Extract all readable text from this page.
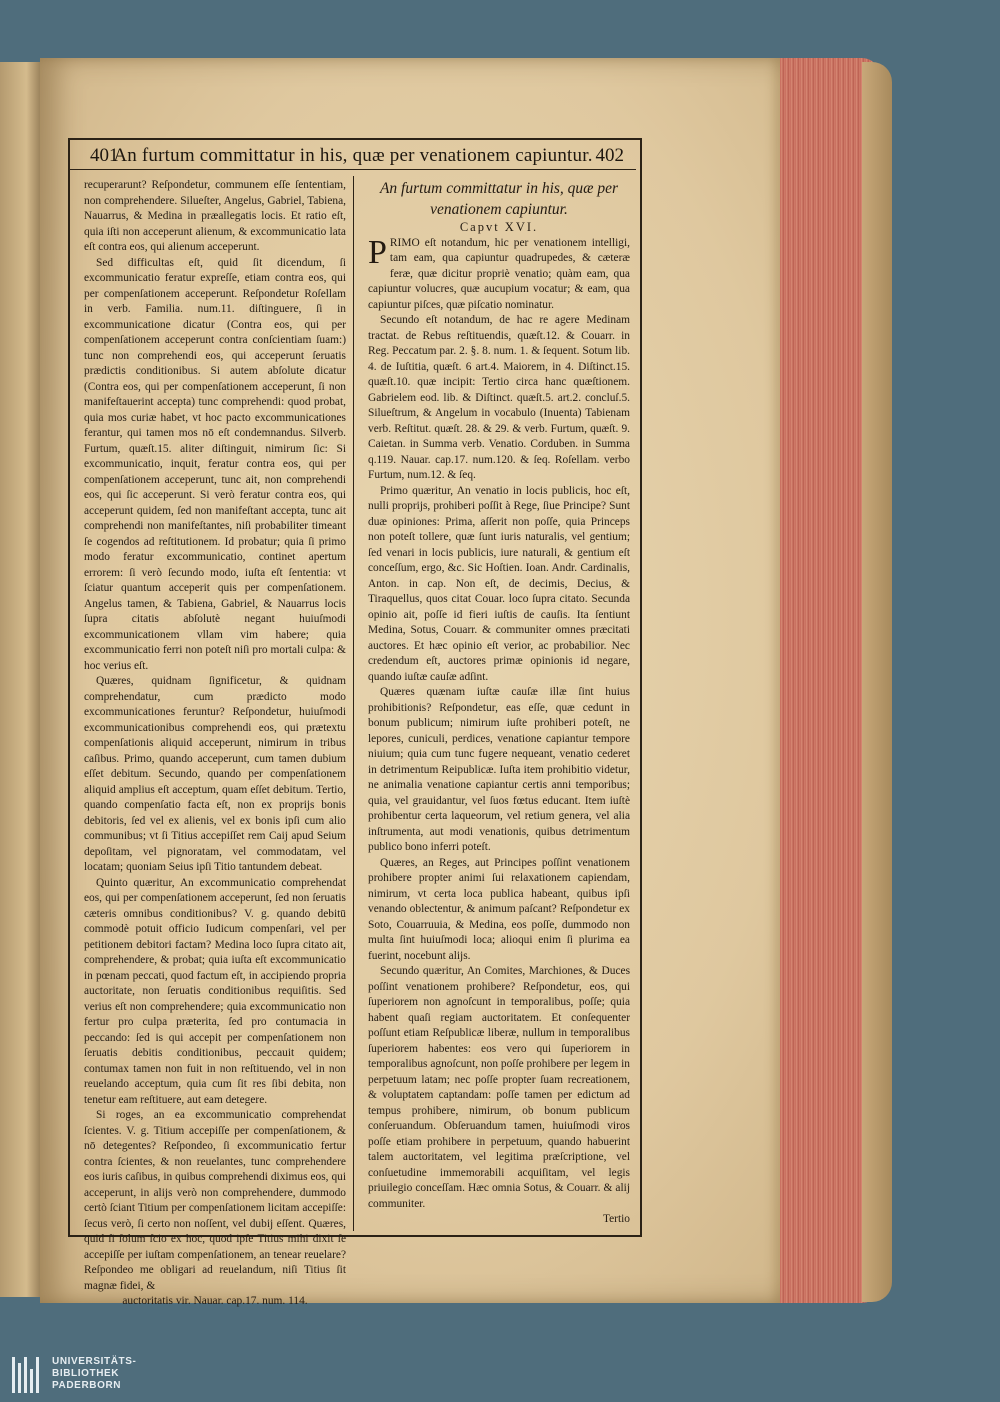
401
An furtum committatur in his, quæ per venationem capiuntur. 402

recuperarunt? Reſpondetur, communem eſſe ſententiam, non comprehendere. Silueſter, Angelus, Gabriel, Tabiena, Nauarrus, & Medina in præallegatis locis. Et ratio eſt, quia iſti non acceperunt alienum, & excommunicatio lata eſt contra eos, qui alienum acceperunt.

Sed difficultas eſt, quid ſit dicendum, ſi excommunicatio feratur expreſſe, etiam contra eos, qui per compenſationem acceperunt. Reſpondetur Roſellam in verb. Familia. num.11. diſtinguere, ſi in excommunicatione dicatur (Contra eos, qui per compenſationem acceperunt contra conſcientiam ſuam:) tunc non comprehendi eos, qui acceperunt ſeruatis prædictis conditionibus. Si autem abſolute dicatur (Contra eos, qui per compenſationem acceperunt, ſi non manifeſtauerint accepta) tunc comprehendi: quod probat, quia mos curiæ habet, vt hoc pacto excommunicationes ferantur, qui tamen mos nō eſt condemnandus. Silverb. Furtum, quæſt.15. aliter diſtinguit, nimirum ſic: Si excommunicatio, inquit, feratur contra eos, qui per compenſationem acceperunt, tunc ait, non comprehendi eos, qui ſic acceperunt. Si verò feratur contra eos, qui acceperunt quidem, ſed non manifeſtant accepta, tunc ait comprehendi non manifeſtantes, niſi probabiliter timeant ſe cogendos ad reſtitutionem. Id probatur; quia ſi primo modo feratur excommunicatio, continet apertum errorem: ſi verò ſecundo modo, iuſta eſt ſententia: vt ſciatur quantum acceperit quis per compenſationem. Angelus tamen, & Tabiena, Gabriel, & Nauarrus locis ſupra citatis abſolutè negant huiuſmodi excommunicationem vllam vim habere; quia excommunicatio ferri non poteſt niſi pro mortali culpa: & hoc verius eſt.

Quæres, quidnam ſignificetur, & quidnam comprehendatur, cum prædicto modo excommunicationes feruntur? Reſpondetur, huiuſmodi excommunicationibus comprehendi eos, qui prætextu compenſationis aliquid acceperunt, nimirum in tribus caſibus. Primo, quando acceperunt, cum tamen dubium eſſet debitum. Secundo, quando per compenſationem aliquid amplius eſt acceptum, quam eſſet debitum. Tertio, quando compenſatio facta eſt, non ex proprijs bonis debitoris, ſed vel ex alienis, vel ex bonis ipſi cum alio communibus; vt ſi Titius accepiſſet rem Caij apud Seium depoſitam, vel pignoratam, vel commodatam, vel locatam; quoniam Seius ipſi Titio tantundem debeat.

Quinto quæritur, An excommunicatio comprehendat eos, qui per compenſationem acceperunt, ſed non ſeruatis cæteris omnibus conditionibus? V. g. quando debitū commodè potuit officio Iudicum compenſari, vel per petitionem debitori factam? Medina loco ſupra citato ait, comprehendere, & probat; quia iuſta eſt excommunicatio in pœnam peccati, quod factum eſt, in accipiendo propria auctoritate, non ſeruatis conditionibus requiſitis. Sed verius eſt non comprehendere; quia excommunicatio non fertur pro culpa præterita, ſed pro contumacia in peccando: ſed is qui accepit per compenſationem non ſeruatis debitis conditionibus, peccauit quidem; contumax tamen non fuit in non reſtituendo, vel in non reuelando acceptum, quia cum ſit res ſibi debita, non tenetur eam reſtituere, aut eam detegere.

Si roges, an ea excommunicatio comprehendat ſcientes. V. g. Titium accepiſſe per compenſationem, & nō detegentes? Reſpondeo, ſi excommunicatio fertur contra ſcientes, & non reuelantes, tunc comprehendere eos iuris caſibus, in quibus comprehendi diximus eos, qui acceperunt, in alijs verò non comprehendere, dummodo certò ſciant Titium per compenſationem licitam accepiſſe: ſecus verò, ſi certo non noſſent, vel dubij eſſent. Quæres, quid ſi ſolum ſcio ex hoc, quod ipſe Titius mihi dixit ſe accepiſſe per iuſtam compenſationem, an tenear reuelare? Reſpondeo me obligari ad reuelandum, niſi Titius ſit magnæ fidei, &

auctoritatis vir. Nauar. cap.17. num. 114.

An furtum committatur in his, quæ per venationem capiuntur.

Capvt XVI.

PRIMO eſt notandum, hic per venationem intelligi, tam eam, qua capiuntur quadrupedes, & cæteræ feræ, quæ dicitur propriè venatio; quàm eam, qua capiuntur volucres, quæ aucupium vocatur; & eam, qua capiuntur piſces, quæ piſcatio nominatur.

Secundo eſt notandum, de hac re agere Medinam tractat. de Rebus reſtituendis, quæſt.12. & Couarr. in Reg. Peccatum par. 2. §. 8. num. 1. & ſequent. Sotum lib. 4. de Iuſtitia, quæſt. 6 art.4. Maiorem, in 4. Diſtinct.15. quæſt.10. quæ incipit: Tertio circa hanc quæſtionem. Gabrielem eod. lib. & Diſtinct. quæſt.5. art.2. concluſ.5. Silueſtrum, & Angelum in vocabulo (Inuenta) Tabienam verb. Reſtitut. quæſt. 28. & 29. & verb. Furtum, quæſt. 9. Caietan. in Summa verb. Venatio. Corduben. in Summa q.119. Nauar. cap.17. num.120. & ſeq. Roſellam. verbo Furtum, num.12. & ſeq.

Primo quæritur, An venatio in locis publicis, hoc eſt, nulli proprijs, prohiberi poſſit à Rege, ſiue Principe? Sunt duæ opiniones: Prima, aſſerit non poſſe, quia Princeps non poteſt tollere, quæ ſunt iuris naturalis, vel gentium; ſed venari in locis publicis, iure naturali, & gentium eſt conceſſum, ergo, &c. Sic Hoſtien. Ioan. Andr. Cardinalis, Anton. in cap. Non eſt, de decimis, Decius, & Tiraquellus, quos citat Couar. loco ſupra citato. Secunda opinio ait, poſſe id fieri iuſtis de cauſis. Ita ſentiunt Medina, Sotus, Couarr. & communiter omnes præcitati auctores. Et hæc opinio eſt verior, ac probabilior. Nec credendum eſt, auctores primæ opinionis id negare, quando iuſtæ cauſæ adſint.

Quæres quænam iuſtæ cauſæ illæ ſint huius prohibitionis? Reſpondetur, eas eſſe, quæ cedunt in bonum publicum; nimirum iuſte prohiberi poteſt, ne lepores, cuniculi, perdices, venatione capiantur tempore niuium; quia cum tunc fugere nequeant, venatio cederet in detrimentum Reipublicæ. Iuſta item prohibitio videtur, ne animalia venatione capiantur certis anni temporibus; quia, vel grauidantur, vel ſuos fœtus educant. Item iuſtè prohibentur certa laqueorum, vel retium genera, vel alia inſtrumenta, aut modi venationis, quibus detrimentum publico bono inferri poteſt.

Quæres, an Reges, aut Principes poſſint venationem prohibere propter animi ſui relaxationem capiendam, nimirum, vt certa loca publica habeant, quibus ipſi venando oblectentur, & animum paſcant? Reſpondetur ex Soto, Couarruuia, & Medina, eos poſſe, dummodo non multa ſint huiuſmodi loca; alioqui enim ſi plurima ea fuerint, nocebunt alijs.

Secundo quæritur, An Comites, Marchiones, & Duces poſſint venationem prohibere? Reſpondetur, eos, qui ſuperiorem non agnoſcunt in temporalibus, poſſe; quia habent quaſi regiam auctoritatem. Et conſequenter poſſunt etiam Reſpublicæ liberæ, nullum in temporalibus ſuperiorem habentes: eos vero qui ſuperiorem in temporalibus agnoſcunt, non poſſe prohibere per legem in perpetuum latam; nec poſſe propter ſuam recreationem, & voluptatem captandam: poſſe tamen per edictum ad tempus prohibere, nimirum, ob bonum publicum conſeruandum. Obſeruandum tamen, huiuſmodi viros poſſe etiam prohibere in perpetuum, quando habuerint talem auctoritatem, vel legitima præſcriptione, vel conſuetudine immemorabili acquiſitam, vel legis priuilegio conceſſam. Hæc omnia Sotus, & Couarr. & alij communiter.

Tertio

UNIVERSITÄTS-
BIBLIOTHEK
PADERBORN
